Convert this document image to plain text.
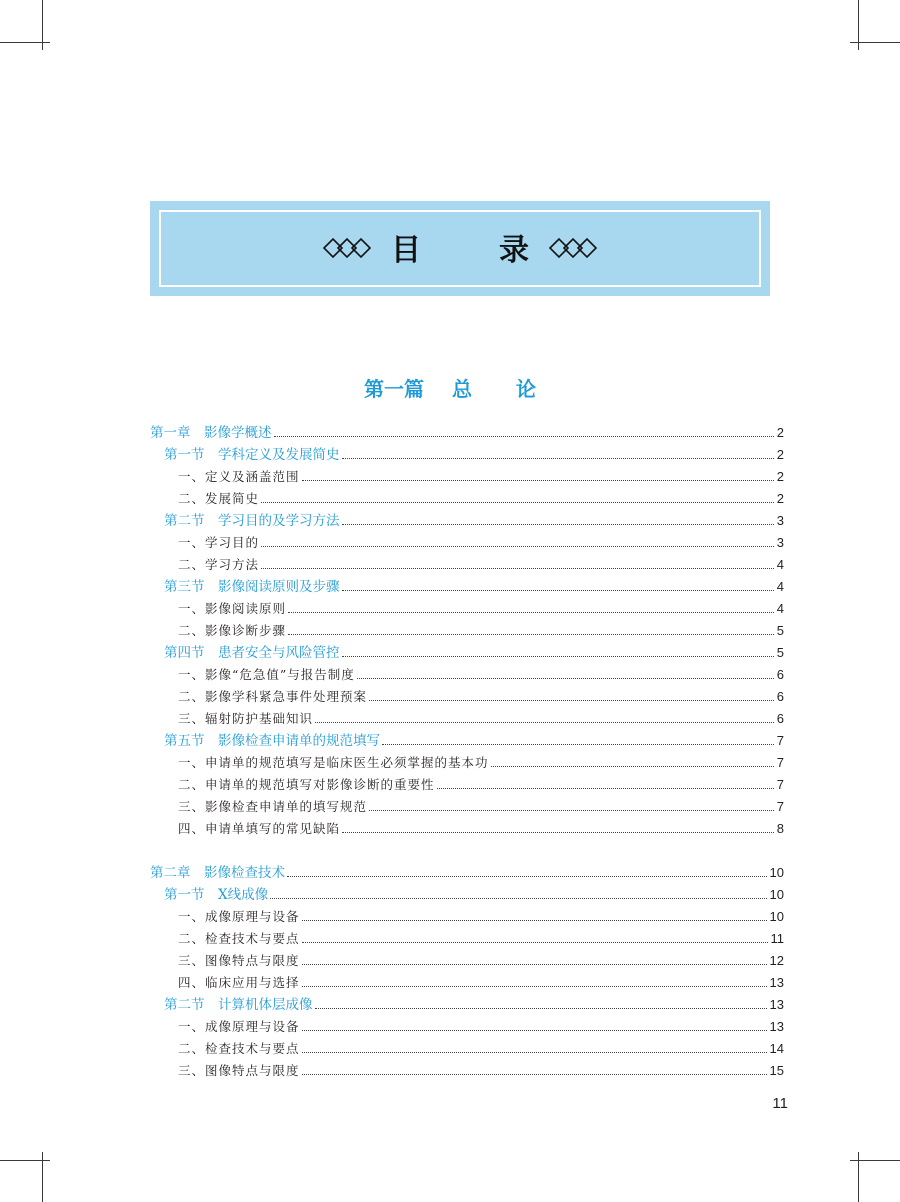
目	录
第一篇 总 论
第一章　影像学概述	2
第一节　学科定义及发展简史	2
一、定义及涵盖范围	2
二、发展简史	2
第二节　学习目的及学习方法	3
一、学习目的	3
二、学习方法	4
第三节　影像阅读原则及步骤	4
一、影像阅读原则	4
二、影像诊断步骤	5
第四节　患者安全与风险管控	5
一、影像“危急值”与报告制度	6
二、影像学科紧急事件处理预案	6
三、辐射防护基础知识	6
第五节　影像检查申请单的规范填写	7
一、申请单的规范填写是临床医生必须掌握的基本功	7
二、申请单的规范填写对影像诊断的重要性	7
三、影像检查申请单的填写规范	7
四、申请单填写的常见缺陷	8
第二章　影像检查技术	10
第一节　X线成像	10
一、成像原理与设备	10
二、检查技术与要点	11
三、图像特点与限度	12
四、临床应用与选择	13
第二节　计算机体层成像	13
一、成像原理与设备	13
二、检查技术与要点	14
三、图像特点与限度	15
11
